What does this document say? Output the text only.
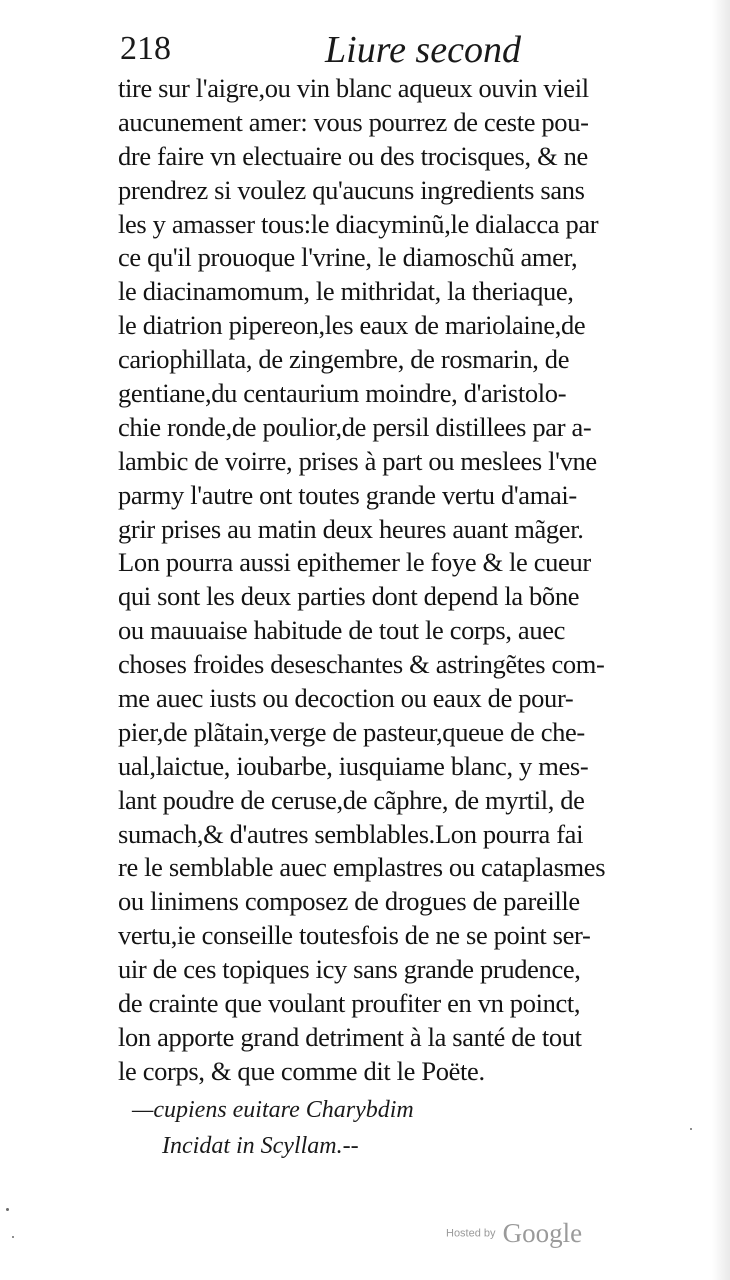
218	Liure second
tire sur l'aigre,ou vin blanc aqueux ouvin vieil
aucunement amer: vous pourrez de ceste pou-
dre faire vn electuaire ou des trocisques, & ne
prendrez si voulez qu'aucuns ingredients sans
les y amasser tous:le diacyminũ,le dialacca par
ce qu'il prouoque l'vrine, le diamoschũ amer,
le diacinamomum, le mithridat, la theriaque,
le diatrion pipereon,les eaux de mariolaine,de
cariophillata, de zingembre, de rosmarin, de
gentiane,du centaurium moindre, d'aristolo-
chie ronde,de poulior,de persil distillees par a-
lambic de voirre, prises à part ou meslees l'vne
parmy l'autre ont toutes grande vertu d'amai-
grir prises au matin deux heures auant mãger.
Lon pourra aussi epithemer le foye & le cueur
qui sont les deux parties dont depend la bõne
ou mauuaise habitude de tout le corps, auec
choses froides deseschantes & astringẽtes com-
me auec iusts ou decoction ou eaux de pour-
pier,de plãtain,verge de pasteur,queue de che-
ual,laictue, ioubarbe, iusquiame blanc, y mes-
lant poudre de ceruse,de cãphre, de myrtil, de
sumach,& d'autres semblables.Lon pourra fai
re le semblable auec emplastres ou cataplasmes
ou linimens composez de drogues de pareille
vertu,ie conseille toutesfois de ne se point ser-
uir de ces topiques icy sans grande prudence,
de crainte que voulant proufiter en vn poinct,
lon apporte grand detriment à la santé de tout
le corps, & que comme dit le Poëte.
—cupiens euitare Charybdim
Incidat in Scyllam.--
Hosted by Google
